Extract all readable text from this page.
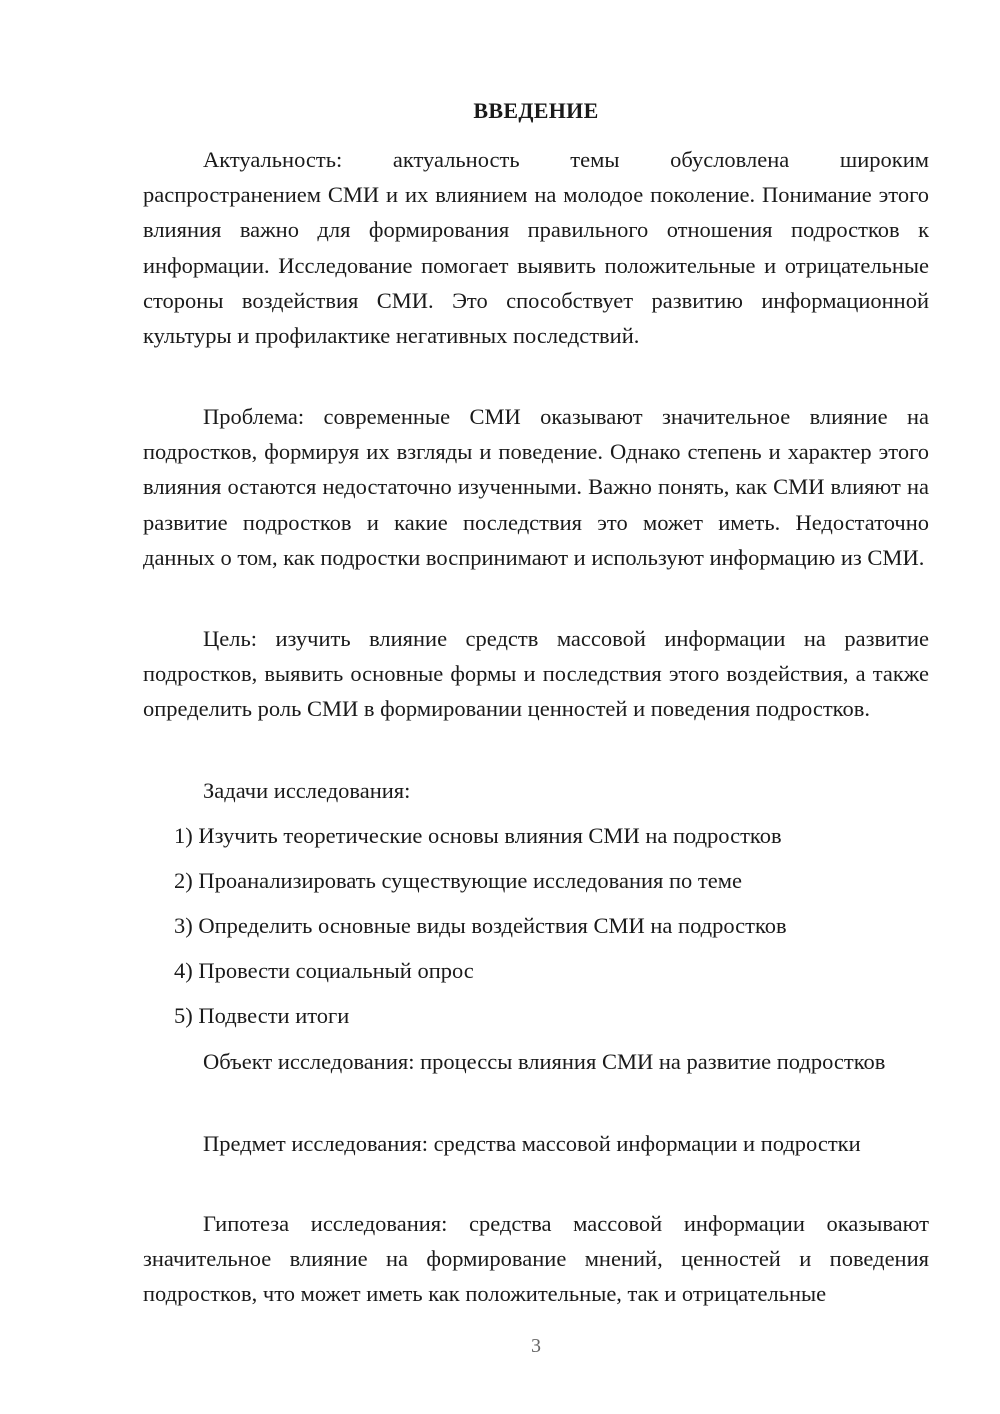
ВВЕДЕНИЕ

Актуальность: актуальность темы обусловлена широким распространением СМИ и их влиянием на молодое поколение. Понимание этого влияния важно для формирования правильного отношения подростков к информации. Исследование помогает выявить положительные и отрицательные стороны воздействия СМИ. Это способствует развитию информационной культуры и профилактике негативных последствий.

Проблема: современные СМИ оказывают значительное влияние на подростков, формируя их взгляды и поведение. Однако степень и характер этого влияния остаются недостаточно изученными. Важно понять, как СМИ влияют на развитие подростков и какие последствия это может иметь. Недостаточно данных о том, как подростки воспринимают и используют информацию из СМИ.

Цель: изучить влияние средств массовой информации на развитие подростков, выявить основные формы и последствия этого воздействия, а также определить роль СМИ в формировании ценностей и поведения подростков.

Задачи исследования:

1) Изучить теоретические основы влияния СМИ на подростков
2) Проанализировать существующие исследования по теме
3) Определить основные виды воздействия СМИ на подростков
4) Провести социальный опрос
5) Подвести итоги

Объект исследования: процессы влияния СМИ на развитие подростков

Предмет исследования: средства массовой информации и подростки

Гипотеза исследования: средства массовой информации оказывают значительное влияние на формирование мнений, ценностей и поведения подростков, что может иметь как положительные, так и отрицательные

3
